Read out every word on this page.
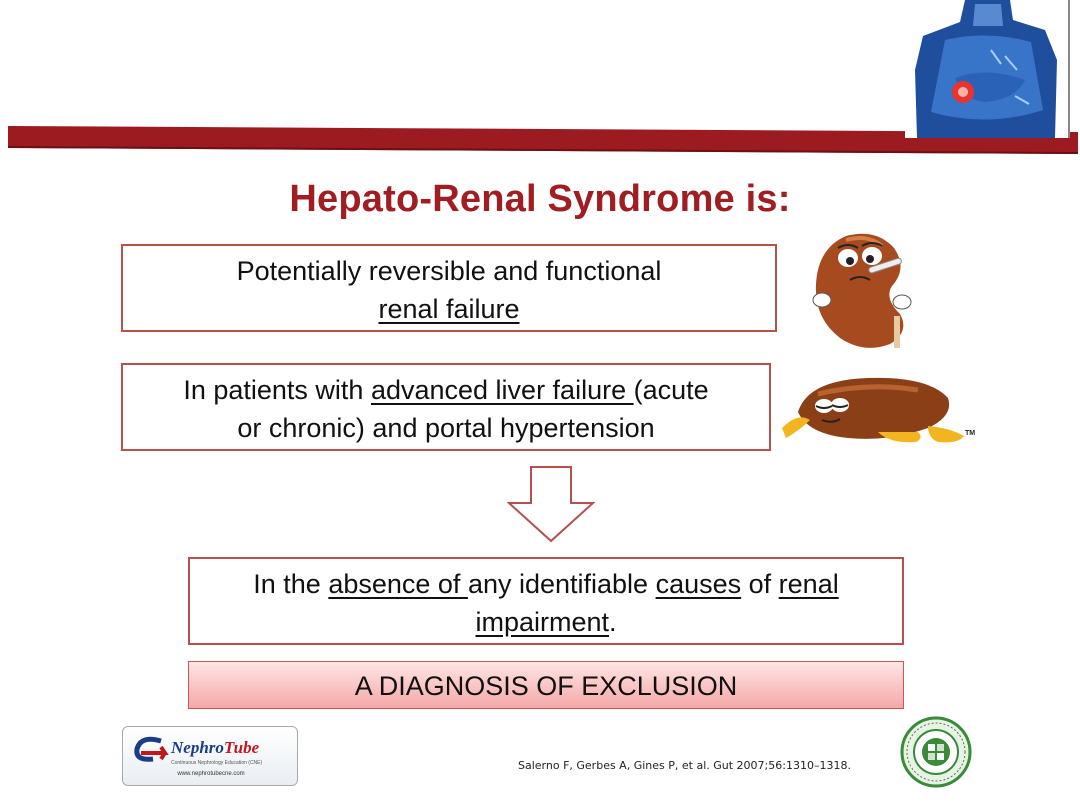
Hepato-Renal Syndrome is:
Potentially reversible and functional
renal failure
In patients with advanced liver failure (acute
or chronic) and portal hypertension	TM
In the absence of any identifiable causes of renal
impairment.
A DIAGNOSIS OF EXCLUSION
NephroTube
Continuous Nephrology Education (CNE)
www.nephrotubecne.com
Salerno F, Gerbes A, Gines P, et al. Gut 2007;56:1310–1318.
